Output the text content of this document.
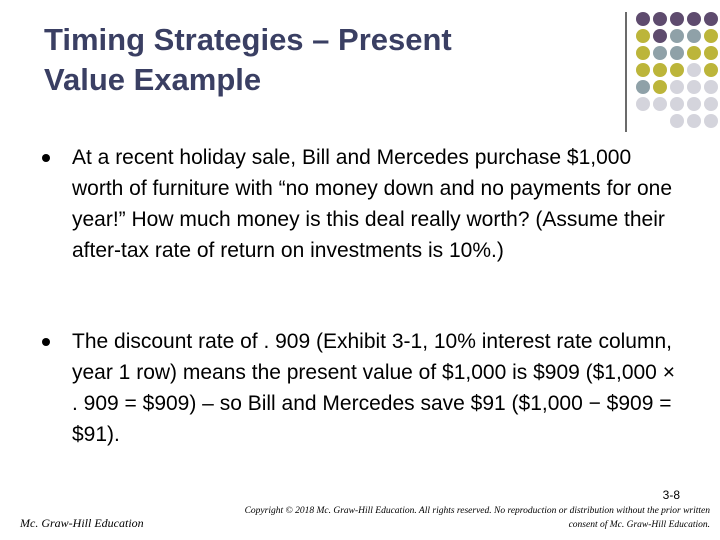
Timing Strategies – Present
Value Example
At a recent holiday sale, Bill and Mercedes purchase $1,000 worth of furniture with “no money down and no payments for one year!” How much money is this deal really worth? (Assume their after-tax rate of return on investments is 10%.)
The discount rate of . 909 (Exhibit 3-1, 10% interest rate column, year 1 row) means the present value of $1,000 is $909 ($1,000 × . 909 = $909) – so Bill and Mercedes save $91 ($1,000 − $909 = $91).
3-8
Mc. Graw-Hill Education
Copyright © 2018 Mc. Graw-Hill Education. All rights reserved. No reproduction or distribution without the prior written
consent of Mc. Graw-Hill Education.
